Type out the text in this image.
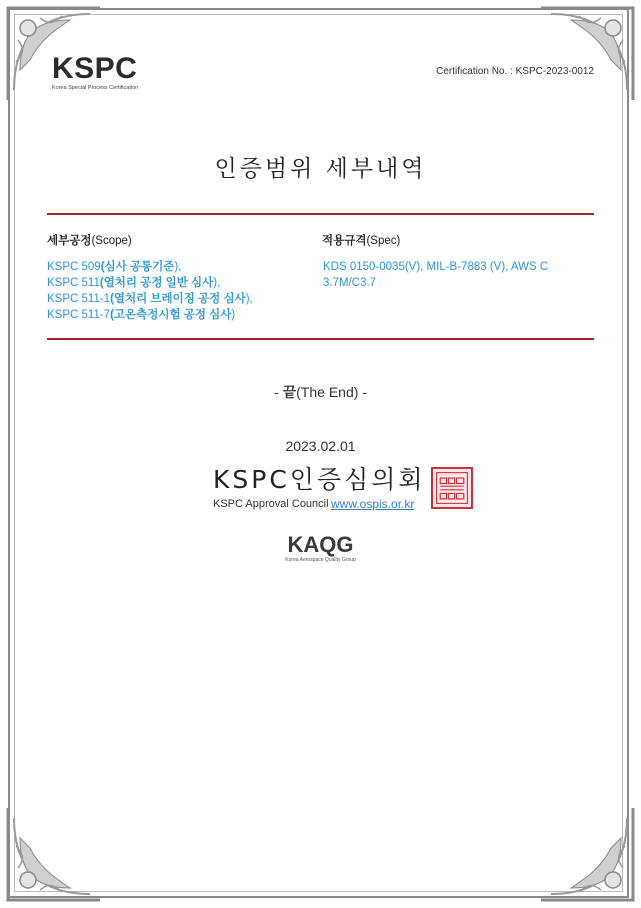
KSPC
Korea Special Process Certification
Certification No. : KSPC-2023-0012
인증범위 세부내역
세부공정(Scope)	적용규격(Spec)
KSPC 509(심사 공통기준),
KSPC 511(열처리 공정 일반 심사),
KSPC 511-1(열처리 브레이징 공정 심사),
KSPC 511-7(고온측정시험 공정 심사)
KDS 0150-0035(V), MIL-B-7883 (V), AWS C 3.7M/C3.7
- 끝(The End) -
2023.02.01
KSPC인증심의회
KSPC Approval Council www.ospis.or.kr
KAQG
Korea Aerospace Quality Group
